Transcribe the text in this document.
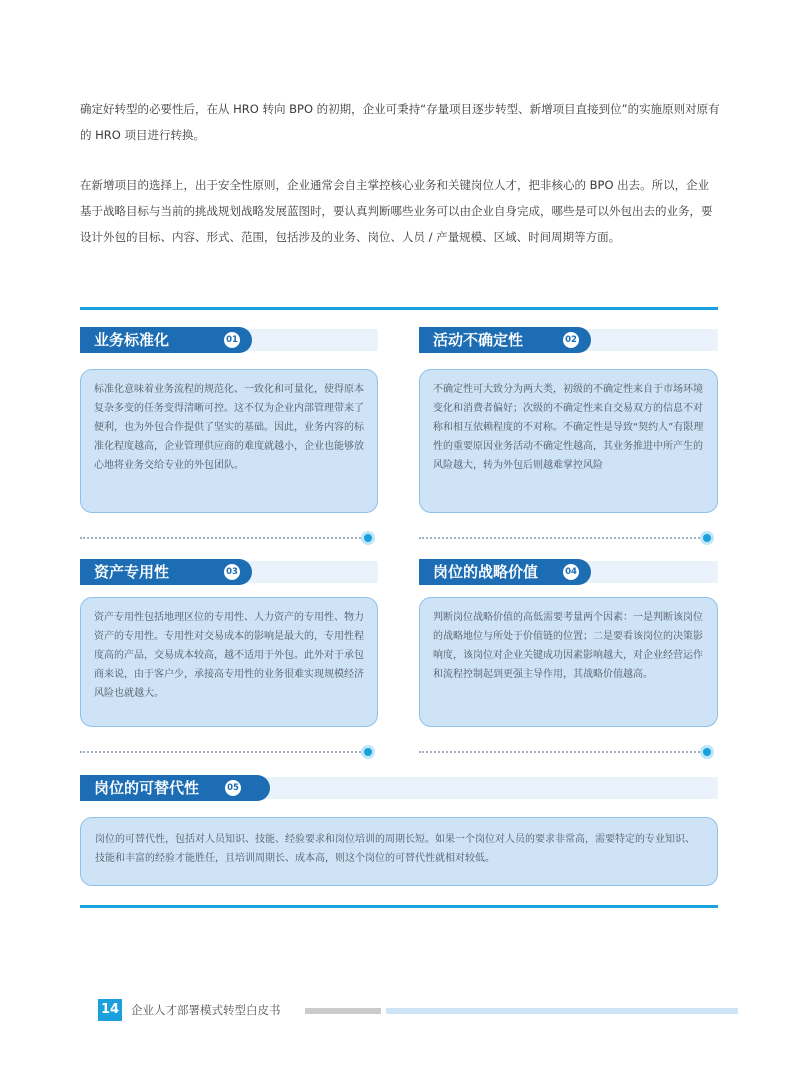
确定好转型的必要性后，在从 HRO 转向 BPO 的初期，企业可秉持“存量项目逐步转型、新增项目直接到位”的实施原则对原有的 HRO 项目进行转换。

在新增项目的选择上，出于安全性原则，企业通常会自主掌控核心业务和关键岗位人才，把非核心的 BPO 出去。所以，企业基于战略目标与当前的挑战规划战略发展蓝图时，要认真判断哪些业务可以由企业自身完成，哪些是可以外包出去的业务，要设计外包的目标、内容、形式、范围，包括涉及的业务、岗位、人员 / 产量规模、区域、时间周期等方面。

业务标准化	01

标准化意味着业务流程的规范化、一致化和可量化，使得原本复杂多变的任务变得清晰可控。这不仅为企业内部管理带来了便利，也为外包合作提供了坚实的基础。因此，业务内容的标准化程度越高，企业管理供应商的难度就越小，企业也能够放心地将业务交给专业的外包团队。

活动不确定性	02

不确定性可大致分为两大类，初级的不确定性来自于市场环境变化和消费者偏好；次级的不确定性来自交易双方的信息不对称和相互依赖程度的不对称。不确定性是导致“契约人”有限理性的重要原因业务活动不确定性越高，其业务推进中所产生的风险越大，转为外包后则越难掌控风险

资产专用性	03

资产专用性包括地理区位的专用性、人力资产的专用性、物力资产的专用性。专用性对交易成本的影响是最大的，专用性程度高的产品，交易成本较高，越不适用于外包。此外对于承包商来说，由于客户少，承接高专用性的业务很难实现规模经济风险也就越大。

岗位的战略价值	04

判断岗位战略价值的高低需要考量两个因素：一是判断该岗位的战略地位与所处于价值链的位置；二是要看该岗位的决策影响度，该岗位对企业关键成功因素影响越大，对企业经营运作和流程控制起到更强主导作用，其战略价值越高。

岗位的可替代性	05

岗位的可替代性，包括对人员知识、技能、经验要求和岗位培训的周期长短。如果一个岗位对人员的要求非常高，需要特定的专业知识、技能和丰富的经验才能胜任，且培训周期长、成本高，则这个岗位的可替代性就相对较低。

14 企业人才部署模式转型白皮书
